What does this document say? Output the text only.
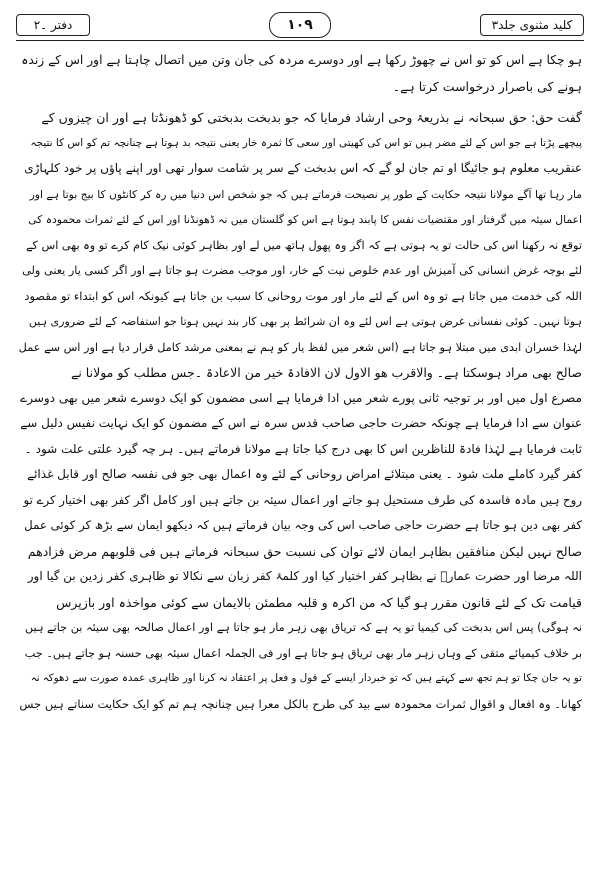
دفتر ۔۲	۱۰۹	کلید مثنوی جلد۳
ہو چکا ہے اس کو تو اس نے چھوڑ رکھا ہے اور دوسرے مردہ کی جان وتن میں اتصال چاہتا ہے اور اس کے زندہ
ہونے کی باصرار درخواست کرتا ہے۔
گفت حق: حق سبحانہ نے بذریعۂ وحی ارشاد فرمایا کہ جو بدبخت بدبختی کو ڈھونڈتا ہے اور ان چیزوں کے
پیچھے پڑتا ہے جو اس کے لئے مضر ہیں تو اس کی کھیتی اور سعی کا ثمرہ خار یعنی نتیجہ بد ہوتا ہے چنانچہ تم کو اس کا نتیجہ
عنقریب معلوم ہو جائیگا او تم جان لو گے کہ اس بدبخت کے سر پر شامت سوار تھی اور اپنے پاؤں پر خود کلہاڑی
مار رہا تھا آگے مولانا نتیجہ حکایت کے طور پر نصیحت فرماتے ہیں کہ جو شخص اس دنیا میں رہ کر کانٹوں کا بیج بوتا ہے اور
اعمال سیئہ میں گرفتار اور مقتضیات نفس کا پابند ہوتا ہے اس کو گلستان میں نہ ڈھونڈنا اور اس کے لئے ثمرات محمودہ کی
توقع نہ رکھنا اس کی حالت تو یہ ہوتی ہے کہ اگر وہ پھول ہاتھ میں لے اور بظاہر کوئی نیک کام کرے تو وہ بھی اس کے
لئے بوجہ غرض انسانی کی آمیزش اور عدم خلوص نیت کے خار، اور موجب مضرت ہو جاتا ہے اور اگر کسی یار یعنی ولی
اللہ کی خدمت میں جاتا ہے تو وہ اس کے لئے مار اور موت روحانی کا سبب بن جاتا ہے کیونکہ اس کو ابتداء تو مقصود
ہوتا نہیں۔ کوئی نفسانی غرض ہوتی ہے اس لئے وہ ان شرائط پر بھی کار بند نہیں ہوتا جو استفاضہ کے لئے ضروری ہیں
لہٰذا خسران ابدی میں مبتلا ہو جاتا ہے (اس شعر میں لفظ یار کو ہم نے بمعنی مرشد کامل قرار دیا ہے اور اس سے عمل
صالح بھی مراد ہوسکتا ہے۔ والاقرب ھو الاول لان الافادۃ خیر من الاعادۃ ۔جس مطلب کو مولانا نے
مصرع اول میں اور بر توجیہ ثانی پورے شعر میں ادا فرمایا ہے اسی مضمون کو ایک دوسرے شعر میں بھی دوسرے
عنوان سے ادا فرمایا ہے چونکہ حضرت حاجی صاحب قدس سرہ نے اس کے مضمون کو ایک نہایت نفیس دلیل سے
ثابت فرمایا ہے لہٰذا فادۃ للناظرین اس کا بھی درج کیا جاتا ہے مولانا فرماتے ہیں۔ ہر چہ گیرد علتی علت شود ۔
کفر گیرد کاملے ملت شود ۔ یعنی مبتلائے امراض روحانی کے لئے وہ اعمال بھی جو فی نفسہ صالح اور قابل غذائے
روح ہیں مادہ فاسدہ کی طرف مستحیل ہو جاتے اور اعمال سیئہ بن جاتے ہیں اور کامل اگر کفر بھی اختیار کرے تو
کفر بھی دین ہو جاتا ہے حضرت حاجی صاحب اس کی وجہ بیان فرماتے ہیں کہ دیکھو ایمان سے بڑھ کر کوئی عمل
صالح نہیں لیکن منافقین بظاہر ایمان لائے توان کی نسبت حق سبحانہ فرماتے ہیں فی قلوبھم مرض فزادھم
اللہ مرضا اور حضرت عمارؓ نے بظاہر کفر اختیار کیا اور کلمۂ کفر زبان سے نکالا تو ظاہری کفر زدین بن گیا اور
قیامت تک کے لئے قانون مقرر ہو گیا کہ من اکرہ و قلبہ مطمئن بالایمان سے کوئی مواخذہ اور بازپرس
نہ ہوگی) پس اس بدبخت کی کیمیا تو یہ ہے کہ تریاق بھی زہر مار ہو جاتا ہے اور اعمال صالحہ بھی سیئہ بن جاتے ہیں
بر خلاف کیمیائے متقی کے وہاں زہر مار بھی تریاق ہو جاتا ہے اور فی الجملہ اعمال سیئہ بھی حسنہ ہو جاتے ہیں۔ جب
تو یہ جان چکا تو ہم تجھ سے کہتے ہیں کہ تو خبردار ایسے کے قول و فعل پر اعتقاد نہ کرنا اور ظاہری عمدہ صورت سے دھوکہ نہ
کھانا۔ وہ افعال و اقوال ثمرات محمودہ سے بید کی طرح بالکل معرا ہیں چنانچہ ہم تم کو ایک حکایت سناتے ہیں جس
